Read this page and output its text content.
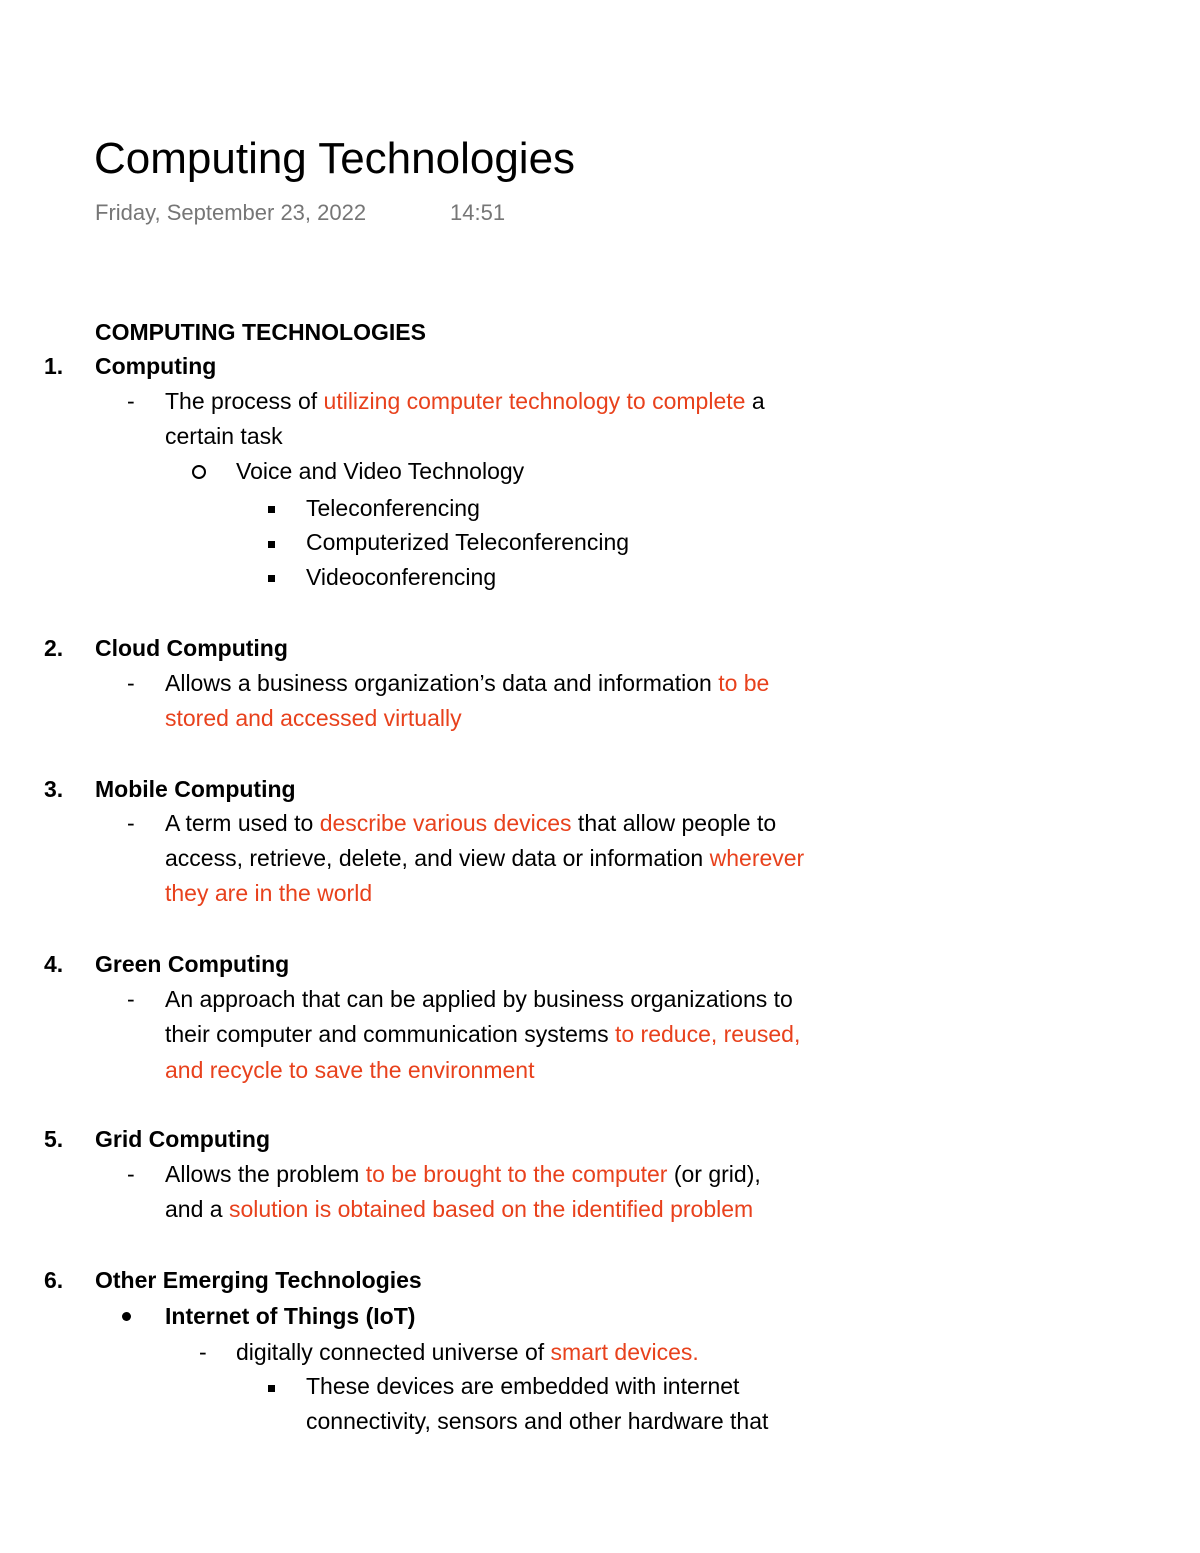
Computing Technologies
Friday, September 23, 2022	14:51
COMPUTING TECHNOLOGIES
1. Computing
- The process of utilizing computer technology to complete a
certain task
Voice and Video Technology
Teleconferencing
Computerized Teleconferencing
Videoconferencing
2. Cloud Computing
- Allows a business organization’s data and information to be
stored and accessed virtually
3. Mobile Computing
- A term used to describe various devices that allow people to
access, retrieve, delete, and view data or information wherever
they are in the world
4. Green Computing
- An approach that can be applied by business organizations to
their computer and communication systems to reduce, reused,
and recycle to save the environment
5. Grid Computing
- Allows the problem to be brought to the computer (or grid),
and a solution is obtained based on the identified problem
6. Other Emerging Technologies
Internet of Things (IoT)
- digitally connected universe of smart devices.
These devices are embedded with internet
connectivity, sensors and other hardware that
